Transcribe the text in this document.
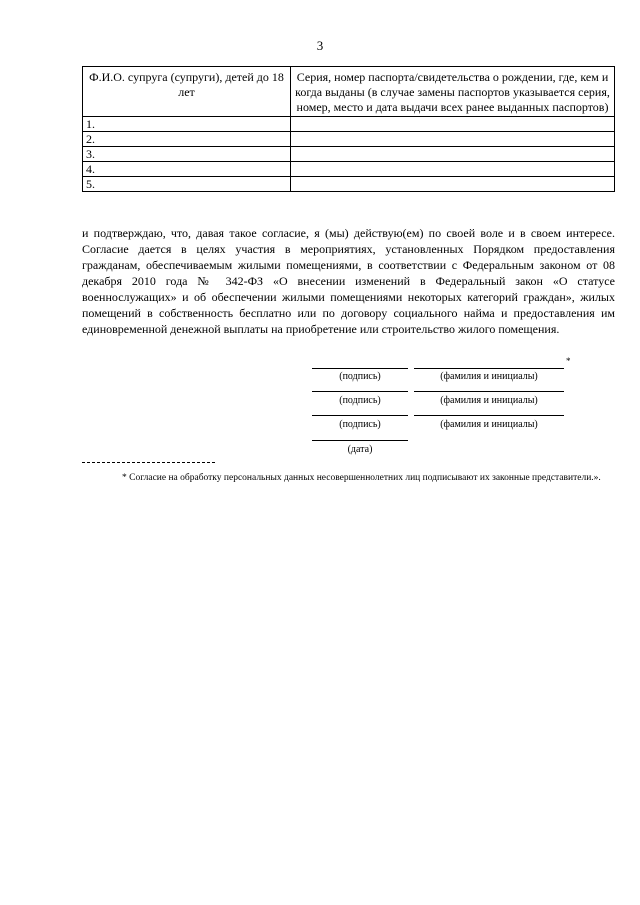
3
Ф.И.О. супруга (супруги), детей до 18 лет	Серия, номер паспорта/свидетельства о рождении, где, кем и когда выданы (в случае замены паспортов указывается серия, номер, место и дата выдачи всех ранее выданных паспортов)
1.	
2.	
3.	
4.	
5.	
и подтверждаю, что, давая такое согласие, я (мы) действую(ем) по своей воле и в своем интересе. Согласие дается в целях участия в мероприятиях, установленных Порядком предоставления гражданам, обеспечиваемым жилыми помещениями, в соответствии с Федеральным законом от 08 декабря 2010 года № 342-ФЗ «О внесении изменений в Федеральный закон «О статусе военнослужащих» и об обеспечении жилыми помещениями некоторых категорий граждан», жилых помещений в собственность бесплатно или по договору социального найма и предоставления им единовременной денежной выплаты на приобретение или строительство жилого помещения.
*
(подпись)	(фамилия и инициалы)
(подпись)	(фамилия и инициалы)
(подпись)	(фамилия и инициалы)
(дата)
* Согласие на обработку персональных данных несовершеннолетних лиц подписывают их законные представители.».
